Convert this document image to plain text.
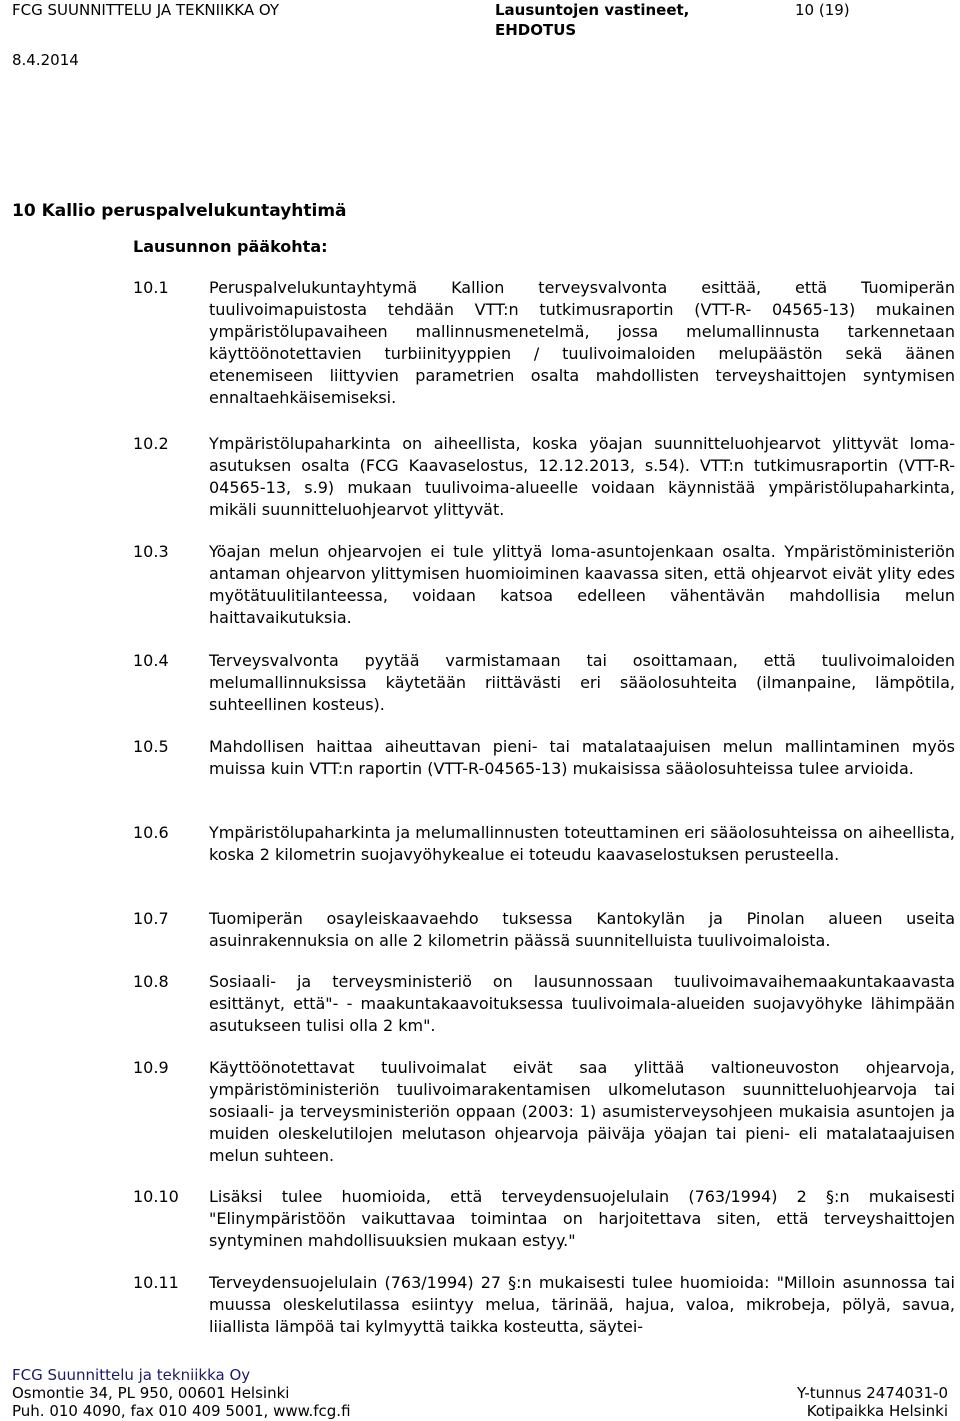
FCG SUUNNITTELU JA TEKNIIKKA OY	Lausuntojen vastineet,
EHDOTUS
10 (19)
8.4.2014
10 Kallio peruspalvelukuntayhtimä
Lausunnon pääkohta:
10.1	Peruspalvelukuntayhtymä Kallion terveysvalvonta esittää, että Tuomiperän tuulivoimapuistosta tehdään VTT:n tutkimusraportin (VTT-R- 04565-13) mukainen ympäristölupavaiheen mallinnusmenetelmä, jossa melumallinnusta tarkennetaan käyttöönotettavien turbiinityyppien / tuulivoimaloiden melupäästön sekä äänen etenemiseen liittyvien parametrien osalta mahdollisten terveyshaittojen syntymisen ennaltaehkäisemiseksi.
10.2	Ympäristölupaharkinta on aiheellista, koska yöajan suunnitteluohjearvot ylittyvät loma-asutuksen osalta (FCG Kaavaselostus, 12.12.2013, s.54). VTT:n tutkimusraportin (VTT-R-04565-13, s.9) mukaan tuulivoima-alueelle voidaan käynnistää ympäristölupaharkinta, mikäli suunnitteluohjearvot ylittyvät.
10.3	Yöajan melun ohjearvojen ei tule ylittyä loma-asuntojenkaan osalta. Ympäristöministeriön antaman ohjearvon ylittymisen huomioiminen kaavassa siten, että ohjearvot eivät ylity edes myötätuulitilanteessa, voidaan katsoa edelleen vähentävän mahdollisia melun haittavaikutuksia.
10.4	Terveysvalvonta pyytää varmistamaan tai osoittamaan, että tuulivoimaloiden melumallinnuksissa käytetään riittävästi eri sääolosuhteita (ilmanpaine, lämpötila, suhteellinen kosteus).
10.5	Mahdollisen haittaa aiheuttavan pieni- tai matalataajuisen melun mallintaminen myös muissa kuin VTT:n raportin (VTT-R-04565-13) mukaisissa sääolosuhteissa tulee arvioida.
10.6	Ympäristölupaharkinta ja melumallinnusten toteuttaminen eri sääolosuhteissa on aiheellista, koska 2 kilometrin suojavyöhykealue ei toteudu kaavaselostuksen perusteella.
10.7	Tuomiperän osayleiskaavaehdo tuksessa Kantokylän ja Pinolan alueen useita asuinrakennuksia on alle 2 kilometrin päässä suunnitelluista tuulivoimaloista.
10.8	Sosiaali- ja terveysministeriö on lausunnossaan tuulivoimavaihemaakuntakaavasta esittänyt, että"- - maakuntakaavoituksessa tuulivoimala-alueiden suojavyöhyke lähimpään asutukseen tulisi olla 2 km".
10.9	Käyttöönotettavat tuulivoimalat eivät saa ylittää valtioneuvoston ohjearvoja, ympäristöministeriön tuulivoimarakentamisen ulkomelutason suunnitteluohjearvoja tai sosiaali- ja terveysministeriön oppaan (2003: 1) asumisterveysohjeen mukaisia asuntojen ja muiden oleskelutilojen melutason ohjearvoja päiväja yöajan tai pieni- eli matalataajuisen melun suhteen.
10.10 Lisäksi tulee huomioida, että terveydensuojelulain (763/1994) 2 §:n mukaisesti "Elinympäristöön vaikuttavaa toimintaa on harjoitettava siten, että terveyshaittojen syntyminen mahdollisuuksien mukaan estyy."
10.11 Terveydensuojelulain (763/1994) 27 §:n mukaisesti tulee huomioida: "Milloin asunnossa tai muussa oleskelutilassa esiintyy melua, tärinää, hajua, valoa, mikrobeja, pölyä, savua, liiallista lämpöä tai kylmyyttä taikka kosteutta, säytei-
FCG Suunnittelu ja tekniikka Oy
Osmontie 34, PL 950, 00601 Helsinki	Y-tunnus 2474031-0
Puh. 010 4090, fax 010 409 5001, www.fcg.fi	Kotipaikka Helsinki
